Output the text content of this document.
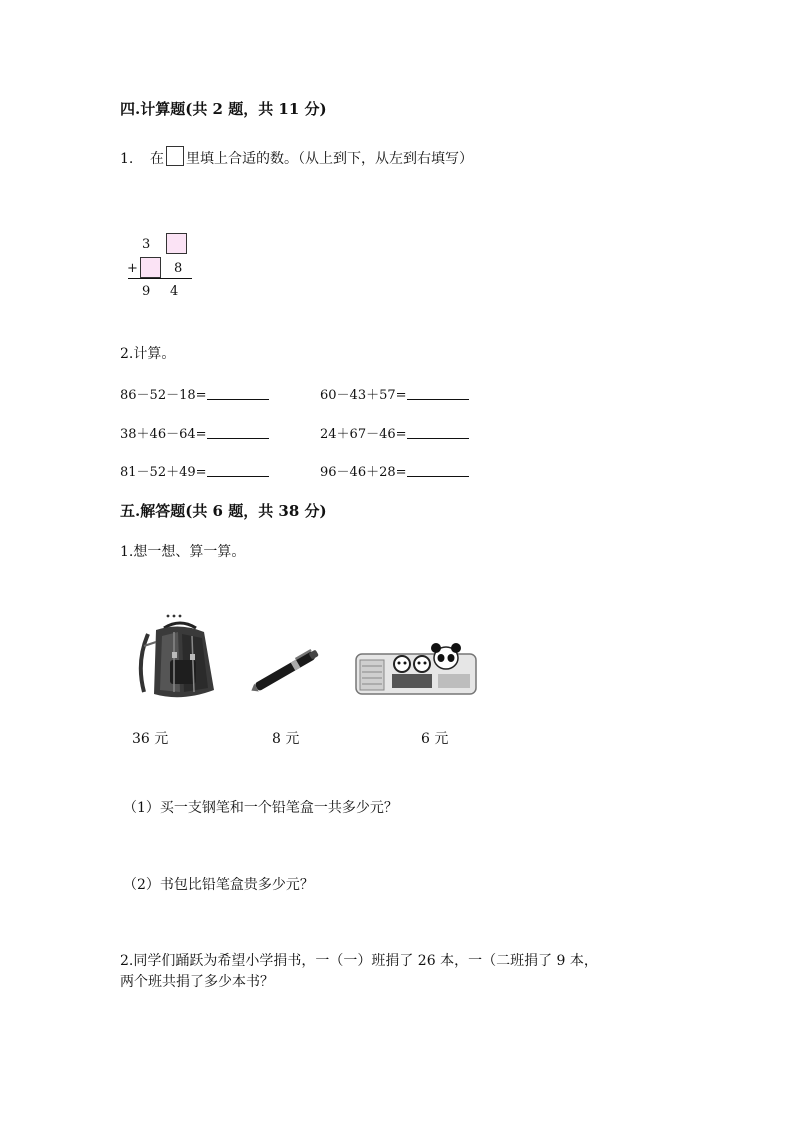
四.计算题(共 2 题，共 11 分)
1. 在 里填上合适的数。（从上到下，从左到右填写）
3
+	8
9 4
2.计算。
86－52－18=	60－43＋57=
38＋46－64=	24＋67－46=
81－52＋49=	96－46＋28=
五.解答题(共 6 题，共 38 分)
1.想一想、算一算。
36 元	8 元	6 元
（1）买一支钢笔和一个铅笔盒一共多少元？
（2）书包比铅笔盒贵多少元？
2.同学们踊跃为希望小学捐书，一（一）班捐了 26 本，一（二班捐了 9 本，
两个班共捐了多少本书？
